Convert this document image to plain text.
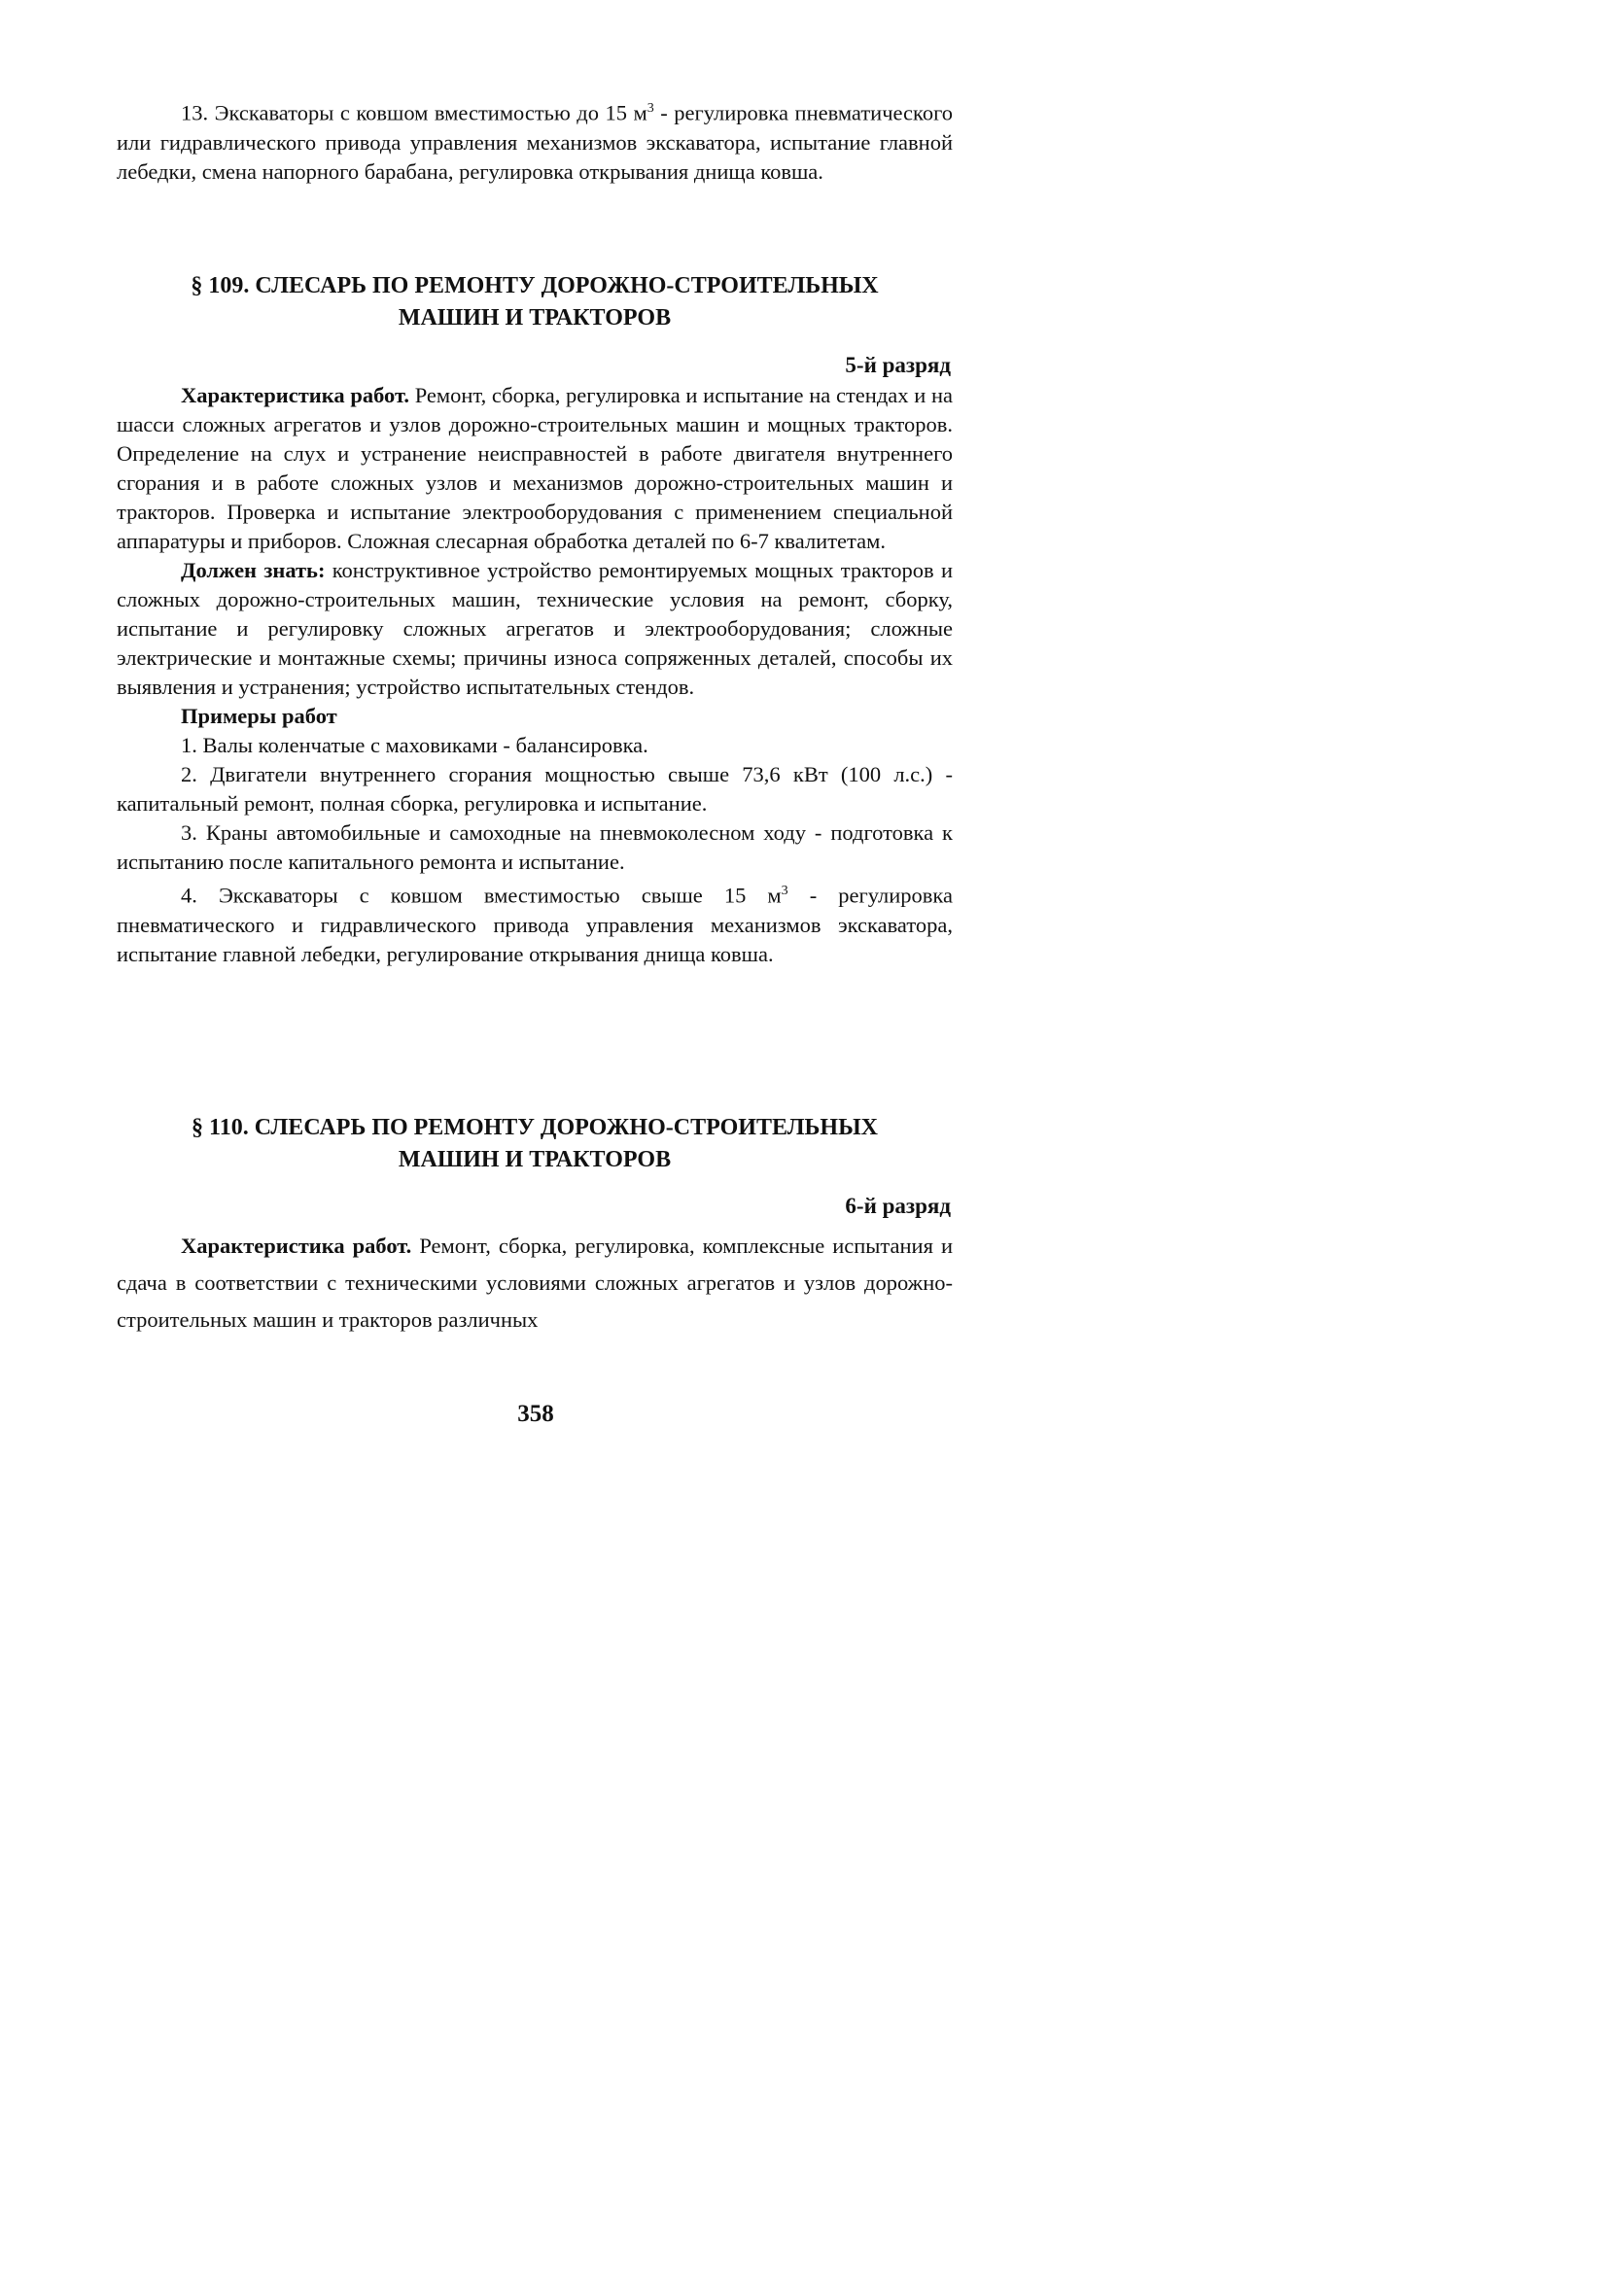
13. Экскаваторы с ковшом вместимостью до 15 $м^3$ - регулировка пневматического или гидравлического привода управления механизмов экскаватора, испытание главной лебедки, смена напорного барабана, регулировка открывания днища ковша.

§ 109. СЛЕСАРЬ ПО РЕМОНТУ ДОРОЖНО-СТРОИТЕЛЬНЫХ
МАШИН И ТРАКТОРОВ

5-й разряд

Характеристика работ. Ремонт, сборка, регулировка и испытание на стендах и на шасси сложных агрегатов и узлов дорожно-строительных машин и мощных тракторов. Определение на слух и устранение неисправностей в работе двигателя внутреннего сгорания и в работе сложных узлов и механизмов дорожно-строительных машин и тракторов. Проверка и испытание электрооборудования с применением специальной аппаратуры и приборов. Сложная слесарная обработка деталей по 6-7 квалитетам.

Должен знать: конструктивное устройство ремонтируемых мощных тракторов и сложных дорожно-строительных машин, технические условия на ремонт, сборку, испытание и регулировку сложных агрегатов и электрооборудования; сложные электрические и монтажные схемы; причины износа сопряженных деталей, способы их выявления и устранения; устройство испытательных стендов.

Примеры работ

1. Валы коленчатые с маховиками - балансировка.

2. Двигатели внутреннего сгорания мощностью свыше 73,6 кВт (100 л.с.) - капитальный ремонт, полная сборка, регулировка и испытание.

3. Краны автомобильные и самоходные на пневмоколесном ходу - подготовка к испытанию после капитального ремонта и испытание.

4. Экскаваторы с ковшом вместимостью свыше 15 $м^3$ - регулировка пневматического и гидравлического привода управления механизмов экскаватора, испытание главной лебедки, регулирование открывания днища ковша.

§ 110. СЛЕСАРЬ ПО РЕМОНТУ ДОРОЖНО-СТРОИТЕЛЬНЫХ
МАШИН И ТРАКТОРОВ

6-й разряд

Характеристика работ. Ремонт, сборка, регулировка, комплексные испытания и сдача в соответствии с техническими условиями сложных агрегатов и узлов дорожно-строительных машин и тракторов различных

358
